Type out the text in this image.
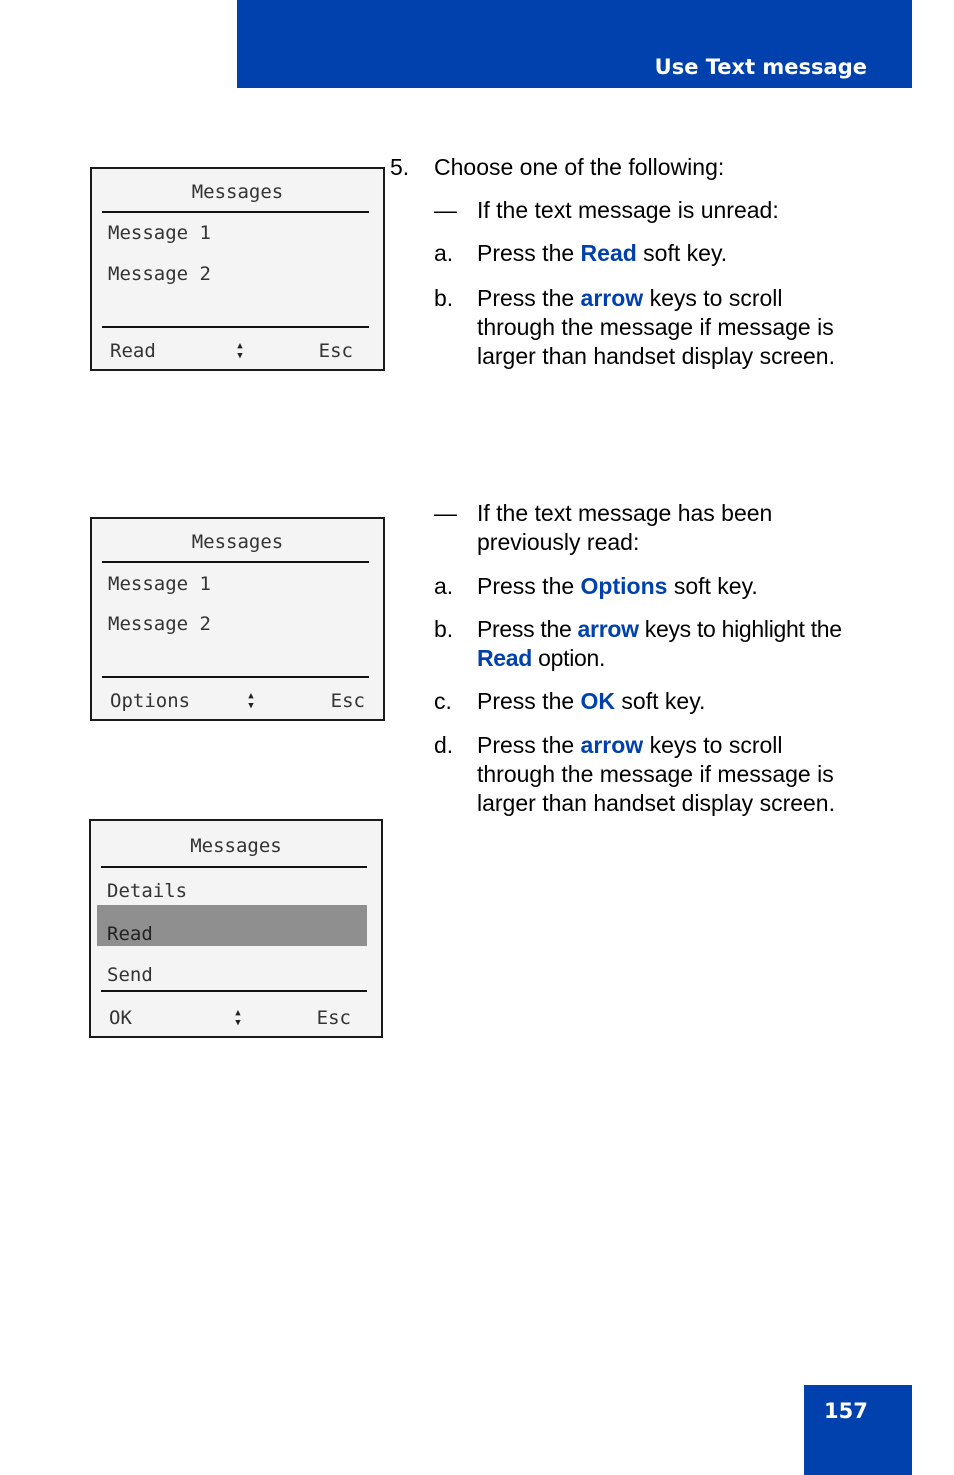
Use Text message
Messages
Message 1
Message 2
Read	▲
▼	Esc
Messages
Message 1
Message 2
Options	▲
▼	Esc
Messages
Details
Read
Send
OK	▲
▼	Esc
5. Choose one of the following:
— If the text message is unread:
a. Press the Read soft key.
b. Press the arrow keys to scroll
through the message if message is
larger than handset display screen.
— If the text message has been
previously read:
a. Press the Options soft key.
b. Press the arrow keys to highlight the
Read option.
c. Press the OK soft key.
d. Press the arrow keys to scroll
through the message if message is
larger than handset display screen.
157
